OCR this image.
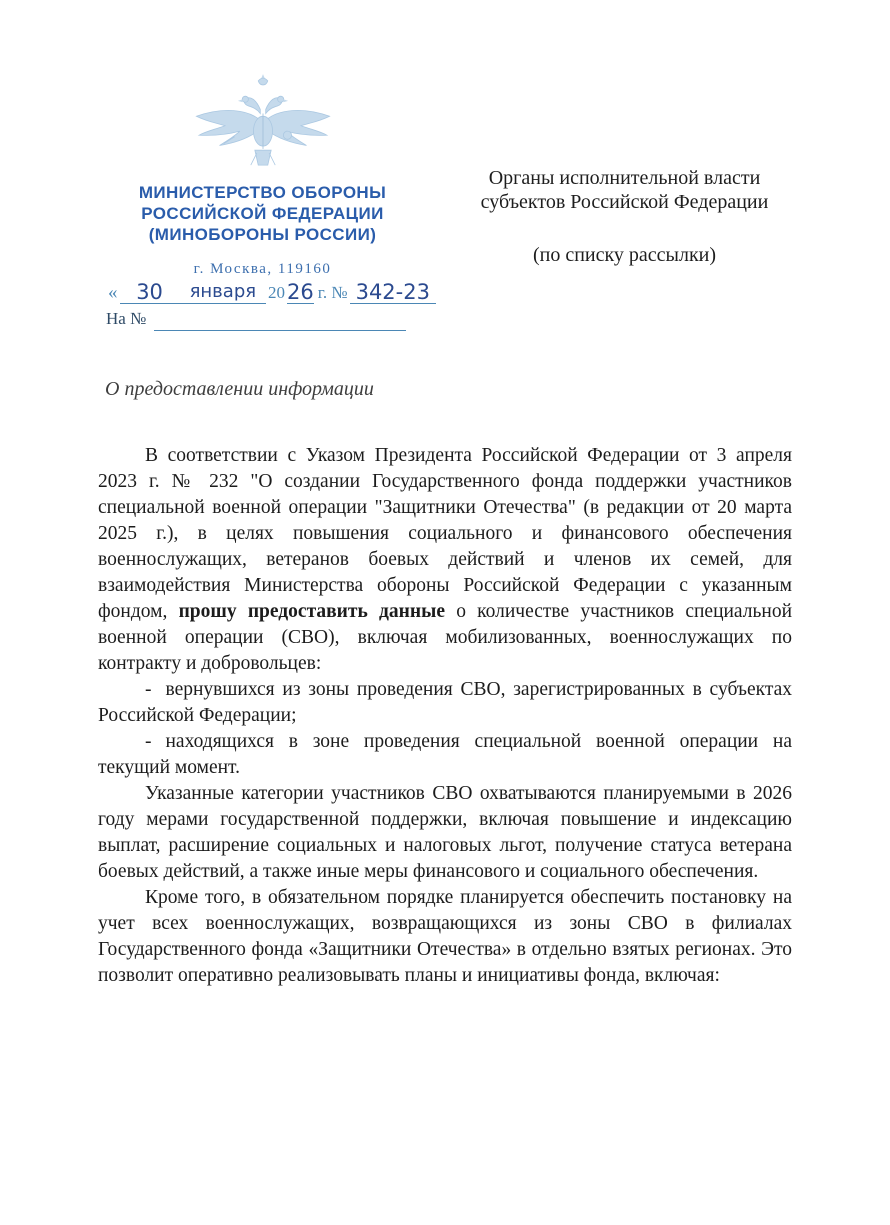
МИНИСТЕРСТВО ОБОРОНЫ
РОССИЙСКОЙ ФЕДЕРАЦИИ
(МИНОБОРОНЫ РОССИИ)
г. Москва, 119160
Органы исполнительной власти
субъектов Российской Федерации
(по списку рассылки)
« 30	января 20 26 г. № 342-23
На №
О предоставлении информации

В соответствии с Указом Президента Российской Федерации от 3 апреля 2023 г. № 232 "О создании Государственного фонда поддержки участников специальной военной операции "Защитники Отечества" (в редакции от 20 марта 2025 г.), в целях повышения социального и финансового обеспечения военнослужащих, ветеранов боевых действий и членов их семей, для взаимодействия Министерства обороны Российской Федерации с указанным фондом, прошу предоставить данные о количестве участников специальной военной операции (СВО), включая мобилизованных, военнослужащих по контракту и добровольцев:

- вернувшихся из зоны проведения СВО, зарегистрированных в субъектах Российской Федерации;

- находящихся в зоне проведения специальной военной операции на текущий момент.

Указанные категории участников СВО охватываются планируемыми в 2026 году мерами государственной поддержки, включая повышение и индексацию выплат, расширение социальных и налоговых льгот, получение статуса ветерана боевых действий, а также иные меры финансового и социального обеспечения.

Кроме того, в обязательном порядке планируется обеспечить постановку на учет всех военнослужащих, возвращающихся из зоны СВО в филиалах Государственного фонда «Защитники Отечества» в отдельно взятых регионах. Это позволит оперативно реализовывать планы и инициативы фонда, включая:
